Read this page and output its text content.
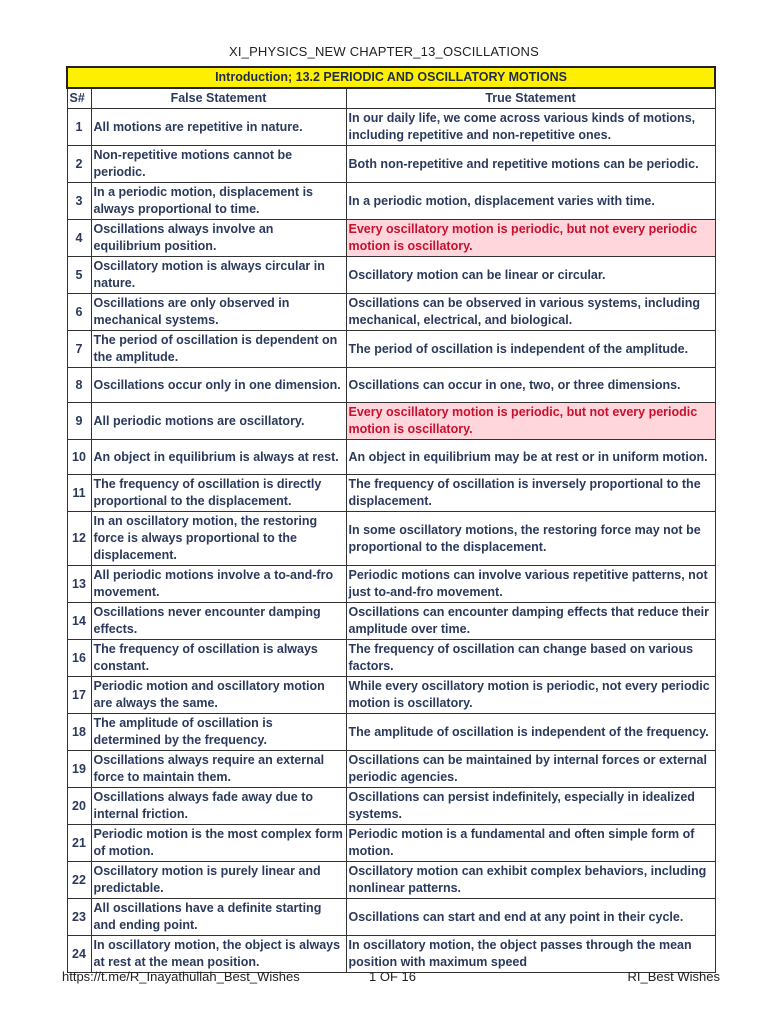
XI_PHYSICS_NEW CHAPTER_13_OSCILLATIONS
Introduction; 13.2 PERIODIC AND OSCILLATORY MOTIONS		
S#	False Statement	True Statement
1	All motions are repetitive in nature.	In our daily life, we come across various kinds of motions, including repetitive and non-repetitive ones.
2	Non-repetitive motions cannot be periodic.	Both non-repetitive and repetitive motions can be periodic.
3	In a periodic motion, displacement is always proportional to time.	In a periodic motion, displacement varies with time.
4	Oscillations always involve an equilibrium position.	Every oscillatory motion is periodic, but not every periodic motion is oscillatory.
5	Oscillatory motion is always circular in nature.	Oscillatory motion can be linear or circular.
6	Oscillations are only observed in mechanical systems.	Oscillations can be observed in various systems, including mechanical, electrical, and biological.
7	The period of oscillation is dependent on the amplitude.	The period of oscillation is independent of the amplitude.
8	Oscillations occur only in one dimension.	Oscillations can occur in one, two, or three dimensions.
9	All periodic motions are oscillatory.	Every oscillatory motion is periodic, but not every periodic motion is oscillatory.
10	An object in equilibrium is always at rest.	An object in equilibrium may be at rest or in uniform motion.
11	The frequency of oscillation is directly proportional to the displacement.	The frequency of oscillation is inversely proportional to the displacement.
12	In an oscillatory motion, the restoring force is always proportional to the displacement.	In some oscillatory motions, the restoring force may not be proportional to the displacement.
13	All periodic motions involve a to-and-fro movement.	Periodic motions can involve various repetitive patterns, not just to-and-fro movement.
14	Oscillations never encounter damping effects.	Oscillations can encounter damping effects that reduce their amplitude over time.
16	The frequency of oscillation is always constant.	The frequency of oscillation can change based on various factors.
17	Periodic motion and oscillatory motion are always the same.	While every oscillatory motion is periodic, not every periodic motion is oscillatory.
18	The amplitude of oscillation is determined by the frequency.	The amplitude of oscillation is independent of the frequency.
19	Oscillations always require an external force to maintain them.	Oscillations can be maintained by internal forces or external periodic agencies.
20	Oscillations always fade away due to internal friction.	Oscillations can persist indefinitely, especially in idealized systems.
21	Periodic motion is the most complex form of motion.	Periodic motion is a fundamental and often simple form of motion.
22	Oscillatory motion is purely linear and predictable.	Oscillatory motion can exhibit complex behaviors, including nonlinear patterns.
23	All oscillations have a definite starting and ending point.	Oscillations can start and end at any point in their cycle.
24	In oscillatory motion, the object is always at rest at the mean position.	In oscillatory motion, the object passes through the mean position with maximum speed
https://t.me/R_Inayathullah_Best_Wishes	1 OF 16	RI_Best Wishes
